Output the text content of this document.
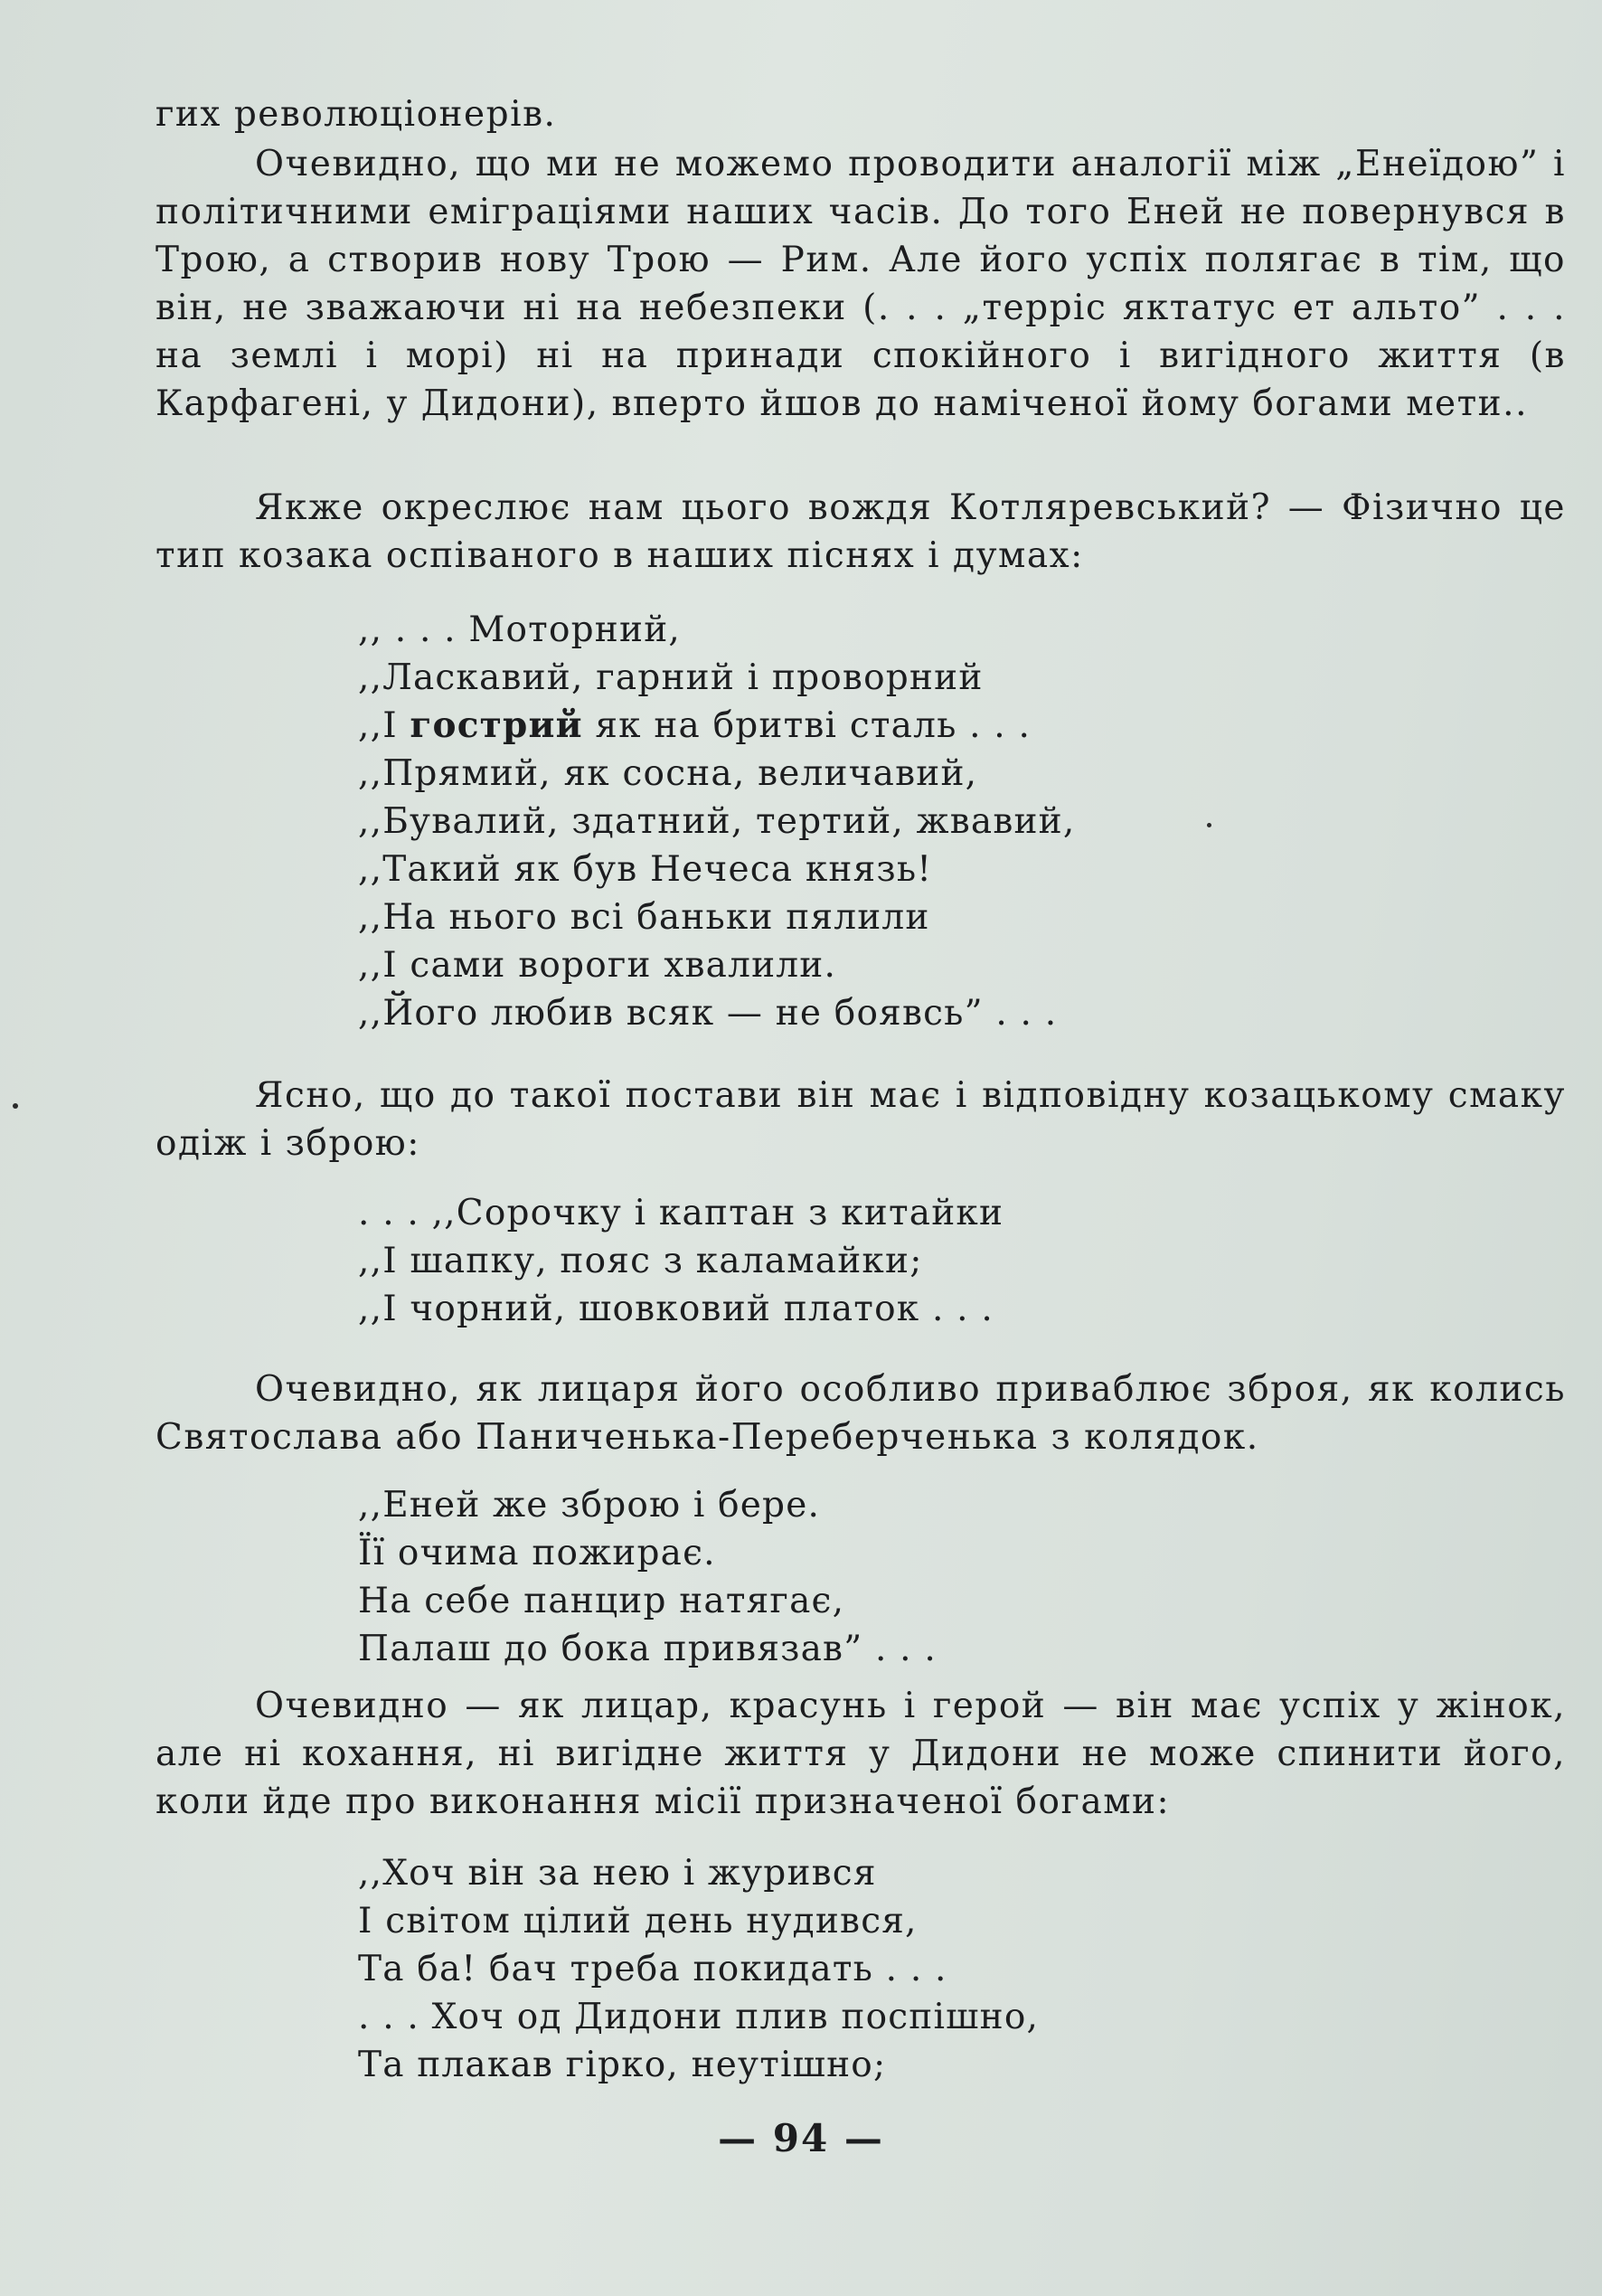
гих революціонерів.

Очевидно, що ми не можемо проводити аналогії між „Енеїдою” і політичними еміграціями наших часів. До того Еней не повернувся в Трою, а створив нову Трою — Рим. Але його успіх полягає в тім, що він, не зважаючи ні на небезпеки (. . . „терріс яктатус ет альто” . . . на землі і морі) ні на принади спокійного і вигідного життя (в Карфагені, у Дидони), вперто йшов до наміченої йому богами мети..

Якже окреслює нам цього вождя Котляревський? — Фізично це тип козака оспіваного в наших піснях і думах:

,, . . . Моторний,
,,Ласкавий, гарний і проворний
,,І гострий як на бритві сталь . . .
,,Прямий, як сосна, величавий,
,,Бувалий, здатний, тертий, жвавий,
,,Такий як був Нечеса князь!
,,На нього всі баньки пялили
,,І сами вороги хвалили.
,,Його любив всяк — не боявсь” . . .

Ясно, що до такої постави він має і відповідну козацькому смаку одіж і зброю:

. . . ,,Сорочку і каптан з китайки
,,І шапку, пояс з каламайки;
,,І чорний, шовковий платок . . .

Очевидно, як лицаря його особливо приваблює зброя, як колись Святослава або Паниченька-Переберченька з колядок.

,,Еней же зброю і бере.
Її очима пожирає.
На себе панцир натягає,
Палаш до бока привязав” . . .

Очевидно — як лицар, красунь і герой — він має успіх у жінок, але ні кохання, ні вигідне життя у Дидони не може спинити його, коли йде про виконання місії призначеної богами:

,,Хоч він за нею і журився
І світом цілий день нудився,
Та ба! бач треба покидать . . .
. . . Хоч од Дидони плив поспішно,
Та плакав гірко, неутішно;
— 94 —
